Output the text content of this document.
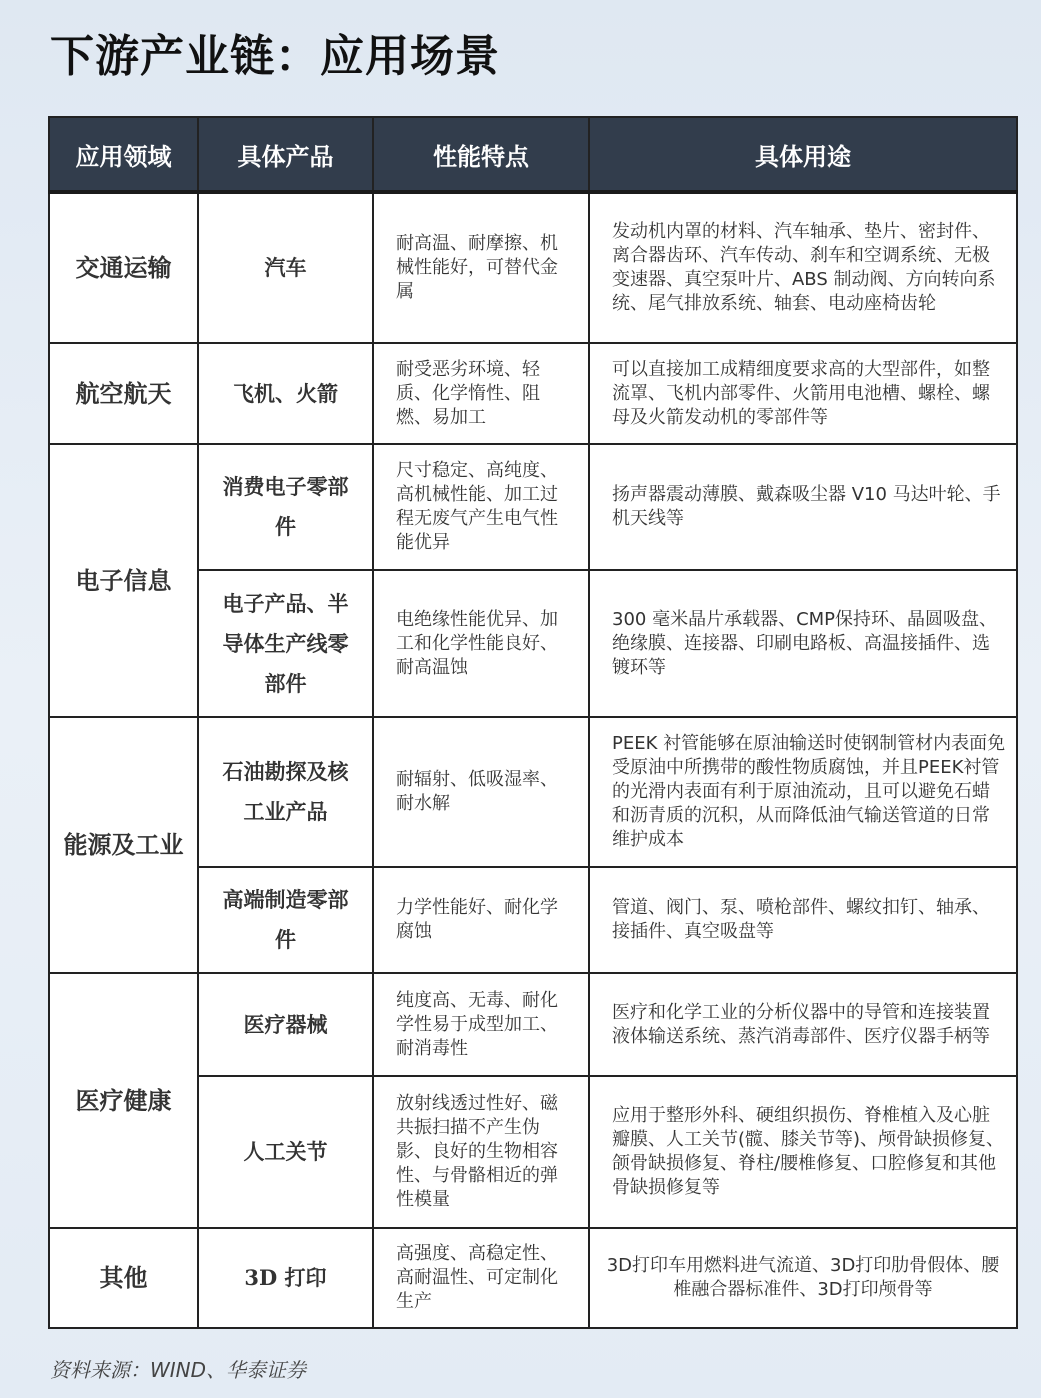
下游产业链：应用场景
应用领域	具体产品	性能特点	具体用途
交通运输	汽车	耐高温、耐摩擦、机械性能好，可替代金属	发动机内罩的材料、汽车轴承、垫片、密封件、离合器齿环、汽车传动、刹车和空调系统、无极变速器、真空泵叶片、ABS 制动阀、方向转向系统、尾气排放系统、轴套、电动座椅齿轮
航空航天	飞机、火箭	耐受恶劣环境、轻质、化学惰性、阻燃、易加工	可以直接加工成精细度要求高的大型部件，如整流罩、飞机内部零件、火箭用电池槽、螺栓、螺母及火箭发动机的零部件等
电子信息	消费电子零部件	尺寸稳定、高纯度、高机械性能、加工过程无废气产生电气性能优异	扬声器震动薄膜、戴森吸尘器 V10 马达叶轮、手机天线等
	电子产品、半导体生产线零部件	电绝缘性能优异、加工和化学性能良好、耐高温蚀	300 毫米晶片承载器、CMP保持环、晶圆吸盘、绝缘膜、连接器、印刷电路板、高温接插件、选镀环等
能源及工业	石油勘探及核工业产品	耐辐射、低吸湿率、耐水解	PEEK 衬管能够在原油输送时使钢制管材内表面免受原油中所携带的酸性物质腐蚀，并且PEEK衬管的光滑内表面有利于原油流动，且可以避免石蜡和沥青质的沉积，从而降低油气输送管道的日常维护成本
	高端制造零部件	力学性能好、耐化学腐蚀	管道、阀门、泵、喷枪部件、螺纹扣钉、轴承、接插件、真空吸盘等
医疗健康	医疗器械	纯度高、无毒、耐化学性易于成型加工、耐消毒性	医疗和化学工业的分析仪器中的导管和连接装置液体输送系统、蒸汽消毒部件、医疗仪器手柄等
	人工关节	放射线透过性好、磁共振扫描不产生伪影、良好的生物相容性、与骨骼相近的弹性模量	应用于整形外科、硬组织损伤、脊椎植入及心脏瓣膜、人工关节(髋、膝关节等)、颅骨缺损修复、颌骨缺损修复、脊柱/腰椎修复、口腔修复和其他骨缺损修复等
其他	3D 打印	高强度、高稳定性、高耐温性、可定制化生产	3D打印车用燃料进气流道、3D打印肋骨假体、腰椎融合器标准件、3D打印颅骨等
资料来源：WIND、华泰证券
